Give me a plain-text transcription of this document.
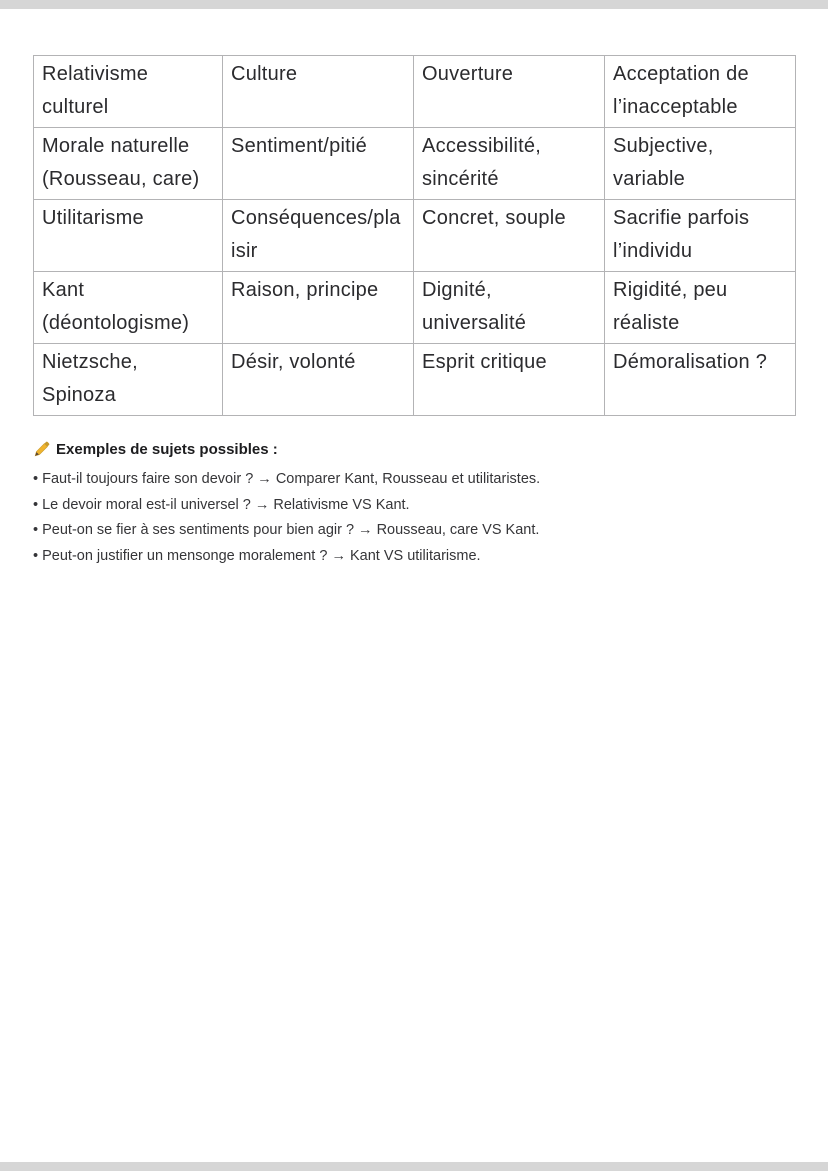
Relativisme culturel	Culture	Ouverture	Acceptation de l’inacceptable
Morale naturelle (Rousseau, care)	Sentiment/pitié	Accessibilité, sincérité	Subjective, variable
Utilitarisme	Conséquences/plaisir	Concret, souple	Sacrifie parfois l’individu
Kant (déontologisme)	Raison, principe	Dignité, universalité	Rigidité, peu réaliste
Nietzsche, Spinoza	Désir, volonté	Esprit critique	Démoralisation ?
Exemples de sujets possibles :
• Faut-il toujours faire son devoir ? → Comparer Kant, Rousseau et utilitaristes.
• Le devoir moral est-il universel ? → Relativisme VS Kant.
• Peut-on se fier à ses sentiments pour bien agir ? → Rousseau, care VS Kant.
• Peut-on justifier un mensonge moralement ? → Kant VS utilitarisme.
